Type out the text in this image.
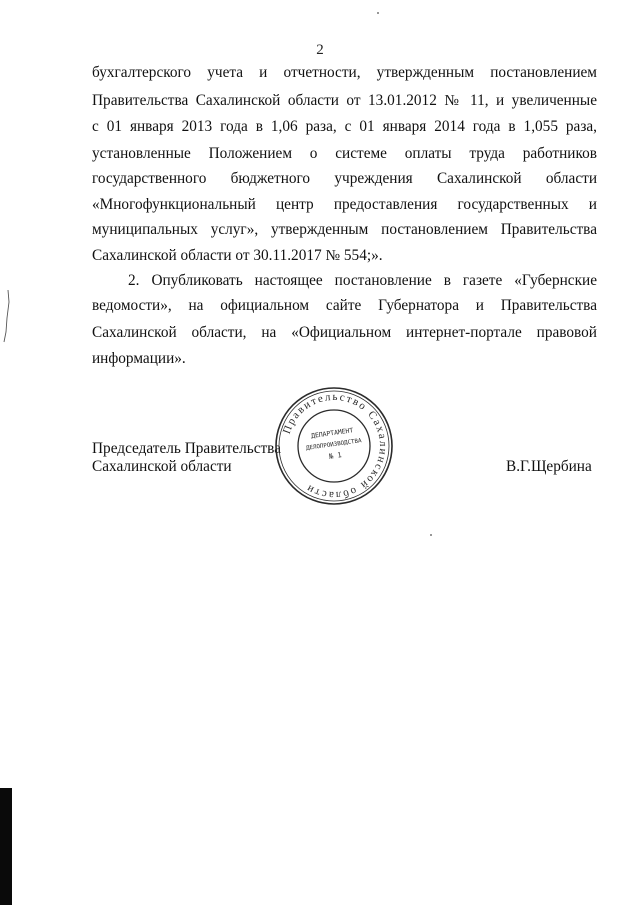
2
бухгалтерского учета и отчетности, утвержденным постановлением
Правительства Сахалинской области от 13.01.2012 № 11, и увеличенные
с 01 января 2013 года в 1,06 раза, с 01 января 2014 года в 1,055 раза,
установленные Положением о системе оплаты труда работников
государственного бюджетного учреждения Сахалинской области
«Многофункциональный центр предоставления государственных и
муниципальных услуг», утвержденным постановлением Правительства
Сахалинской области от 30.11.2017 № 554;».
2. Опубликовать настоящее постановление в газете «Губернские
ведомости», на официальном сайте Губернатора и Правительства
Сахалинской области, на «Официальном интернет-портале правовой
информации».
Председатель Правительства
Сахалинской области	В.Г.Щербина
Правительство Сахалинской области
ДЕПАРТАМЕНТ
ДЕЛОПРОИЗВОДСТВА
№ 1
